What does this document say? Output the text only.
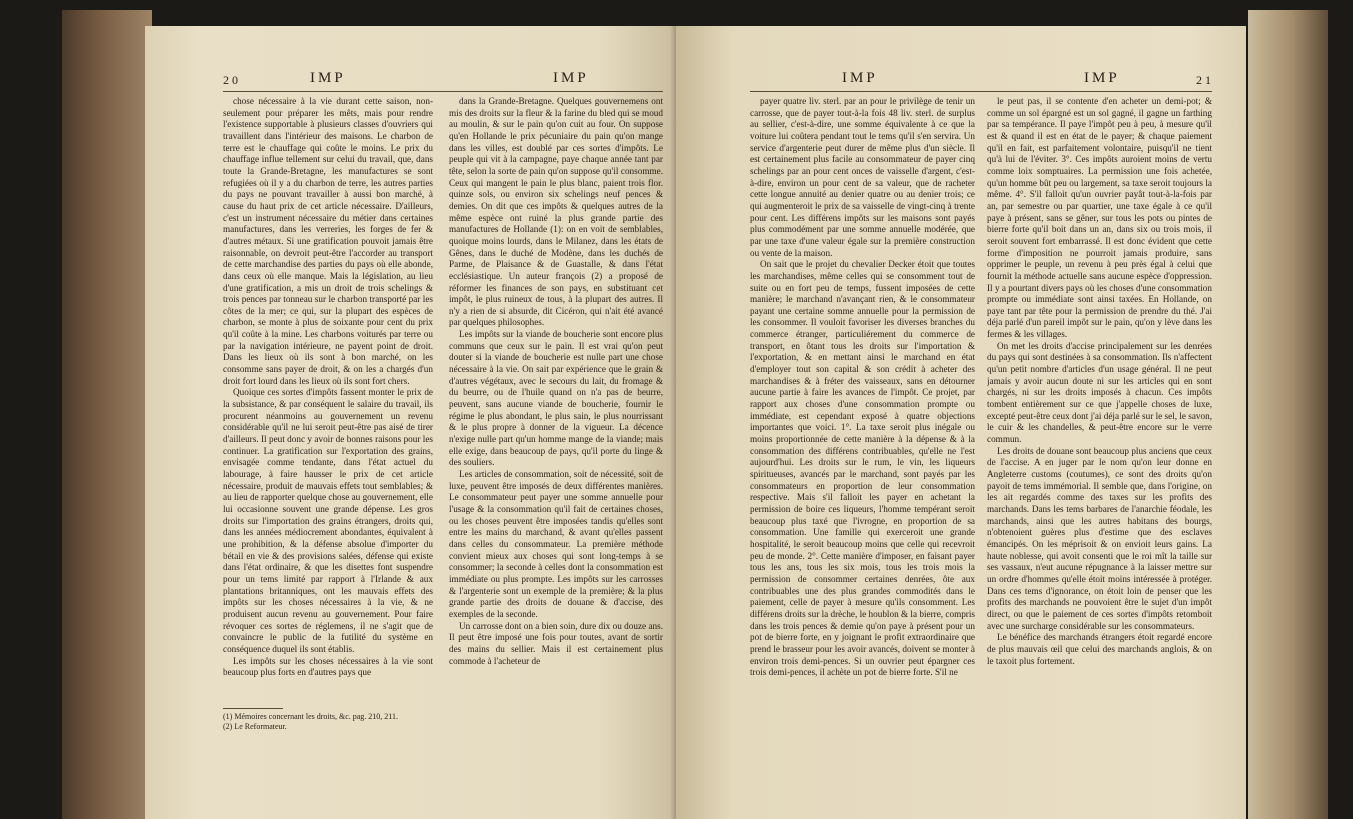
20	IMP	IMP

chose nécessaire à la vie durant cette saison, non-seulement pour préparer les mêts, mais pour rendre l'existence supportable à plusieurs classes d'ouvriers qui travaillent dans l'intérieur des maisons. Le charbon de terre est le chauffage qui coûte le moins. Le prix du chauffage influe tellement sur celui du travail, que, dans toute la Grande-Bretagne, les manufactures se sont refugiées où il y a du charbon de terre, les autres parties du pays ne pouvant travailler à aussi bon marché, à cause du haut prix de cet article nécessaire. D'ailleurs, c'est un instrument nécessaire du métier dans certaines manufactures, dans les verreries, les forges de fer & d'autres métaux. Si une gratification pouvoit jamais être raisonnable, on devroit peut-être l'accorder au transport de cette marchandise des parties du pays où elle abonde, dans ceux où elle manque. Mais la législation, au lieu d'une gratification, a mis un droit de trois schelings & trois pences par tonneau sur le charbon transporté par les côtes de la mer; ce qui, sur la plupart des espèces de charbon, se monte à plus de soixante pour cent du prix qu'il coûte à la mine. Les charbons voiturés par terre ou par la navigation intérieure, ne payent point de droit. Dans les lieux où ils sont à bon marché, on les consomme sans payer de droit, & on les a chargés d'un droit fort lourd dans les lieux où ils sont fort chers.

Quoique ces sortes d'impôts fassent monter le prix de la subsistance, & par conséquent le salaire du travail, ils procurent néanmoins au gouvernement un revenu considérable qu'il ne lui seroit peut-être pas aisé de tirer d'ailleurs. Il peut donc y avoir de bonnes raisons pour les continuer. La gratification sur l'exportation des grains, envisagée comme tendante, dans l'état actuel du labourage, à faire hausser le prix de cet article nécessaire, produit de mauvais effets tout semblables; & au lieu de rapporter quelque chose au gouvernement, elle lui occasionne souvent une grande dépense. Les gros droits sur l'importation des grains étrangers, droits qui, dans les années médiocrement abondantes, équivalent à une prohibition, & la défense absolue d'importer du bétail en vie & des provisions salées, défense qui existe dans l'état ordinaire, & que les disettes font suspendre pour un tems limité par rapport à l'Irlande & aux plantations britanniques, ont les mauvais effets des impôts sur les choses nécessaires à la vie, & ne produisent aucun revenu au gouvernement. Pour faire révoquer ces sortes de réglemens, il ne s'agit que de convaincre le public de la futilité du système en conséquence duquel ils sont établis.

Les impôts sur les choses nécessaires à la vie sont beaucoup plus forts en d'autres pays que

dans la Grande-Bretagne. Quelques gouvernemens ont mis des droits sur la fleur & la farine du bled qui se moud au moulin, & sur le pain qu'on cuit au four. On suppose qu'en Hollande le prix pécuniaire du pain qu'on mange dans les villes, est doublé par ces sortes d'impôts. Le peuple qui vit à la campagne, paye chaque année tant par tête, selon la sorte de pain qu'on suppose qu'il consomme. Ceux qui mangent le pain le plus blanc, paient trois flor. quinze sols, ou environ six schelings neuf pences & demies. On dit que ces impôts & quelques autres de la même espèce ont ruiné la plus grande partie des manufactures de Hollande (1): on en voit de semblables, quoique moins lourds, dans le Milanez, dans les états de Gênes, dans le duché de Modène, dans les duchés de Parme, de Plaisance & de Guastalle, & dans l'état ecclésiastique. Un auteur françois (2) a proposé de réformer les finances de son pays, en substituant cet impôt, le plus ruineux de tous, à la plupart des autres. Il n'y a rien de si absurde, dit Cicéron, qui n'ait été avancé par quelques philosophes.

Les impôts sur la viande de boucherie sont encore plus communs que ceux sur le pain. Il est vrai qu'on peut douter si la viande de boucherie est nulle part une chose nécessaire à la vie. On sait par expérience que le grain & d'autres végétaux, avec le secours du lait, du fromage & du beurre, ou de l'huile quand on n'a pas de beurre, peuvent, sans aucune viande de boucherie, fournir le régime le plus abondant, le plus sain, le plus nourrissant & le plus propre à donner de la vigueur. La décence n'exige nulle part qu'un homme mange de la viande; mais elle exige, dans beaucoup de pays, qu'il porte du linge & des souliers.

Les articles de consommation, soit de nécessité, soit de luxe, peuvent être imposés de deux différentes manières. Le consommateur peut payer une somme annuelle pour l'usage & la consommation qu'il fait de certaines choses, ou les choses peuvent être imposées tandis qu'elles sont entre les mains du marchand, & avant qu'elles passent dans celles du consommateur. La première méthode convient mieux aux choses qui sont long-temps à se consommer; la seconde à celles dont la consommation est immédiate ou plus prompte. Les impôts sur les carrosses & l'argenterie sont un exemple de la première; & la plus grande partie des droits de douane & d'accise, des exemples de la seconde.

Un carrosse dont on a bien soin, dure dix ou douze ans. Il peut être imposé une fois pour toutes, avant de sortir des mains du sellier. Mais il est certainement plus commode à l'acheteur de

(1) Mémoires concernant les droits, &c. pag. 210, 211.
(2) Le Reformateur.
IMP	IMP	21

payer quatre liv. sterl. par an pour le privilège de tenir un carrosse, que de payer tout-à-la fois 48 liv. sterl. de surplus au sellier, c'est-à-dire, une somme équivalente à ce que la voiture lui coûtera pendant tout le tems qu'il s'en servira. Un service d'argenterie peut durer de même plus d'un siècle. Il est certainement plus facile au consommateur de payer cinq schelings par an pour cent onces de vaisselle d'argent, c'est-à-dire, environ un pour cent de sa valeur, que de racheter cette longue annuité au denier quatre ou au denier trois; ce qui augmenteroit le prix de sa vaisselle de vingt-cinq à trente pour cent. Les différens impôts sur les maisons sont payés plus commodément par une somme annuelle modérée, que par une taxe d'une valeur égale sur la première construction ou vente de la maison.

On sait que le projet du chevalier Decker étoit que toutes les marchandises, même celles qui se consomment tout de suite ou en fort peu de temps, fussent imposées de cette manière; le marchand n'avançant rien, & le consommateur payant une certaine somme annuelle pour la permission de les consommer. Il vouloit favoriser les diverses branches du commerce étranger, particuliérement du commerce de transport, en ôtant tous les droits sur l'importation & l'exportation, & en mettant ainsi le marchand en état d'employer tout son capital & son crédit à acheter des marchandises & à fréter des vaisseaux, sans en détourner aucune partie à faire les avances de l'impôt. Ce projet, par rapport aux choses d'une consommation prompte ou immédiate, est cependant exposé à quatre objections importantes que voici. 1°. La taxe seroit plus inégale ou moins proportionnée de cette manière à la dépense & à la consommation des différens contribuables, qu'elle ne l'est aujourd'hui. Les droits sur le rum, le vin, les liqueurs spiritueuses, avancés par le marchand, sont payés par les consommateurs en proportion de leur consommation respective. Mais s'il falloit les payer en achetant la permission de boire ces liqueurs, l'homme tempérant seroit beaucoup plus taxé que l'ivrogne, en proportion de sa consommation. Une famille qui exerceroit une grande hospitalité, le seroit beaucoup moins que celle qui recevroit peu de monde. 2°. Cette manière d'imposer, en faisant payer tous les ans, tous les six mois, tous les trois mois la permission de consommer certaines denrées, ôte aux contribuables une des plus grandes commodités dans le paiement, celle de payer à mesure qu'ils consomment. Les différens droits sur la drèche, le houblon & la bierre, compris dans les trois pences & demie qu'on paye à présent pour un pot de bierre forte, en y joignant le profit extraordinaire que prend le brasseur pour les avoir avancés, doivent se monter à environ trois demi-pences. Si un ouvrier peut épargner ces trois demi-pences, il achète un pot de bierre forte. S'il ne

le peut pas, il se contente d'en acheter un demi-pot; & comme un sol épargné est un sol gagné, il gagne un farthing par sa tempérance. Il paye l'impôt peu à peu, à mesure qu'il est & quand il est en état de le payer; & chaque paiement qu'il en fait, est parfaitement volontaire, puisqu'il ne tient qu'à lui de l'éviter. 3°. Ces impôts auroient moins de vertu comme loix somptuaires. La permission une fois achetée, qu'un homme bût peu ou largement, sa taxe seroit toujours la même. 4°. S'il falloit qu'un ouvrier payât tout-à-la-fois par an, par semestre ou par quartier, une taxe égale à ce qu'il paye à présent, sans se gêner, sur tous les pots ou pintes de bierre forte qu'il boit dans un an, dans six ou trois mois, il seroit souvent fort embarrassé. Il est donc évident que cette forme d'imposition ne pourroit jamais produire, sans opprimer le peuple, un revenu à peu près égal à celui que fournit la méthode actuelle sans aucune espèce d'oppression. Il y a pourtant divers pays où les choses d'une consommation prompte ou immédiate sont ainsi taxées. En Hollande, on paye tant par tête pour la permission de prendre du thé. J'ai déja parlé d'un pareil impôt sur le pain, qu'on y lève dans les fermes & les villages.

On met les droits d'accise principalement sur les denrées du pays qui sont destinées à sa consommation. Ils n'affectent qu'un petit nombre d'articles d'un usage général. Il ne peut jamais y avoir aucun doute ni sur les articles qui en sont chargés, ni sur les droits imposés à chacun. Ces impôts tombent entièrement sur ce que j'appelle choses de luxe, excepté peut-être ceux dont j'ai déja parlé sur le sel, le savon, le cuir & les chandelles, & peut-être encore sur le verre commun.

Les droits de douane sont beaucoup plus anciens que ceux de l'accise. A en juger par le nom qu'on leur donne en Angleterre customs (coutumes), ce sont des droits qu'on payoit de tems immémorial. Il semble que, dans l'origine, on les ait regardés comme des taxes sur les profits des marchands. Dans les tems barbares de l'anarchie féodale, les marchands, ainsi que les autres habitans des bourgs, n'obtenoient guères plus d'estime que des esclaves émancipés. On les méprisoit & on envioit leurs gains. La haute noblesse, qui avoit consenti que le roi mît la taille sur ses vassaux, n'eut aucune répugnance à la laisser mettre sur un ordre d'hommes qu'elle étoit moins intéressée à protéger. Dans ces tems d'ignorance, on étoit loin de penser que les profits des marchands ne pouvoient être le sujet d'un impôt direct, ou que le paiement de ces sortes d'impôts retomboit avec une surcharge considérable sur les consommateurs.

Le bénéfice des marchands étrangers étoit regardé encore de plus mauvais œil que celui des marchands anglois, & on le taxoit plus fortement.
